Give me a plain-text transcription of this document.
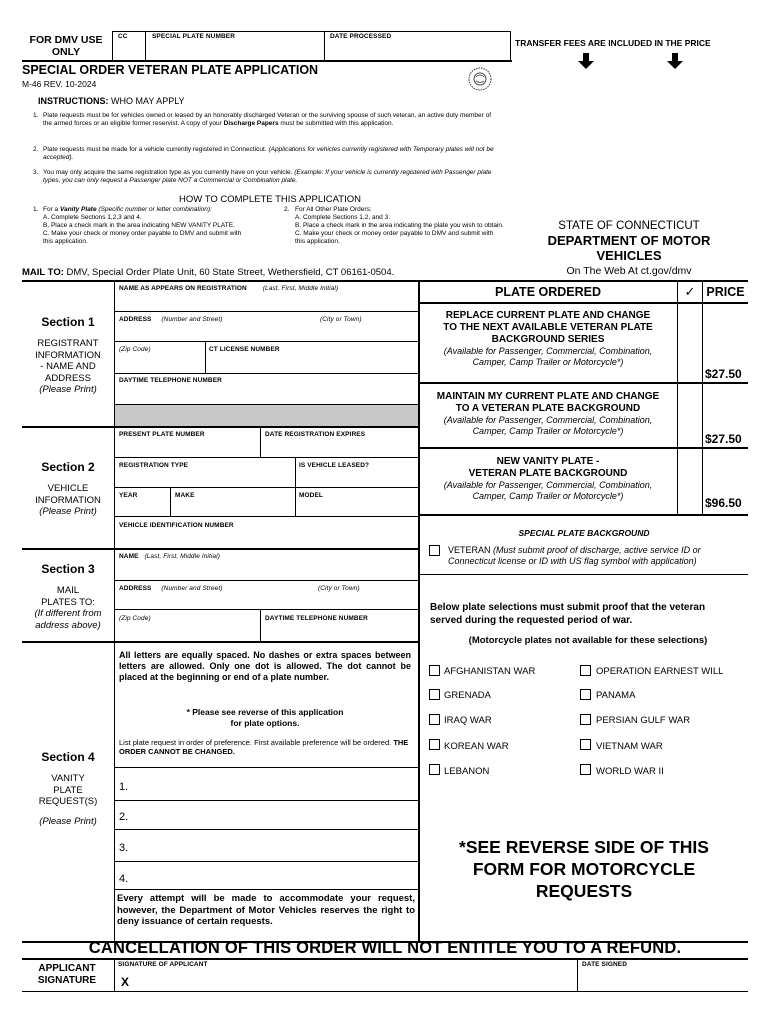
FOR DMV USE ONLY
CC	SPECIAL PLATE NUMBER	DATE PROCESSED
TRANSFER FEES ARE INCLUDED IN THE PRICE
SPECIAL ORDER VETERAN PLATE APPLICATION
M-46 REV. 10-2024
INSTRUCTIONS: WHO MAY APPLY
1. Plate requests must be for vehicles owned or leased by an honorably discharged Veteran or the surviving spouse of such veteran, an active duty member of the armed forces or an eligible former reservist. A copy of your Discharge Papers must be submitted with this application.
2. Plate requests must be made for a vehicle currently registered in Connecticut. (Applications for vehicles currently registered with Temporary plates will not be accepted).
3. You may only acquire the same registration type as you currently have on your vehicle. (Example: If your vehicle is currently registered with Passenger plate types, you can only request a Passenger plate NOT a Commercial or Combination plate.
HOW TO COMPLETE THIS APPLICATION
1. For a Vanity Plate (Specific number or letter combination):
A. Complete Sections 1,2,3 and 4.
B. Place a check mark in the area indicating NEW VANITY PLATE.
C. Make your check or money order payable to DMV and submit with this application.
2. For All Other Plate Orders:
A. Complete Sections 1,2, and 3.
B. Place a check mark in the area indicating the plate you wish to obtain.
C. Make your check or money order payable to DMV and submit with this application.
STATE OF CONNECTICUT
DEPARTMENT OF MOTOR
VEHICLES
On The Web At ct.gov/dmv
MAIL TO: DMV, Special Order Plate Unit, 60 State Street, Wethersfield, CT 06161-0504.
Section 1
REGISTRANT
INFORMATION
- NAME AND
ADDRESS
(Please Print)
NAME AS APPEARS ON REGISTRATION (Last, First, Middle Initial)
ADDRESS (Number and Street)	(City or Town)
(Zip Code)	CT LICENSE NUMBER
DAYTIME TELEPHONE NUMBER
Section 2
VEHICLE
INFORMATION
(Please Print)
PRESENT PLATE NUMBER	DATE REGISTRATION EXPIRES
REGISTRATION TYPE	IS VEHICLE LEASED?
YEAR	MAKE	MODEL
VEHICLE IDENTIFICATION NUMBER
Section 3
MAIL
PLATES TO:
(If different from
address above)
NAME (Last, First, Middle Initial)
ADDRESS (Number and Street)	(City or Town)
(Zip Code)	DAYTIME TELEPHONE NUMBER
Section 4
VANITY
PLATE
REQUEST(S)
(Please Print)
All letters are equally spaced. No dashes or extra spaces between letters are allowed. Only one dot is allowed. The dot cannot be placed at the beginning or end of a plate number.
* Please see reverse of this application
for plate options.
List plate request in order of preference. First available preference will be ordered. THE ORDER CANNOT BE CHANGED.
1.
2.
3.
4.
Every attempt will be made to accommodate your request, however, the Department of Motor Vehicles reserves the right to deny issuance of certain requests.
PLATE ORDERED	✓ PRICE
REPLACE CURRENT PLATE AND CHANGE
TO THE NEXT AVAILABLE VETERAN PLATE
BACKGROUND SERIES
(Available for Passenger, Commercial, Combination,
Camper, Camp Trailer or Motorcycle*)
$27.50
MAINTAIN MY CURRENT PLATE AND CHANGE
TO A VETERAN PLATE BACKGROUND
(Available for Passenger, Commercial, Combination,
Camper, Camp Trailer or Motorcycle*)
$27.50
NEW VANITY PLATE -
VETERAN PLATE BACKGROUND
(Available for Passenger, Commercial, Combination,
Camper, Camp Trailer or Motorcycle*)	$96.50
SPECIAL PLATE BACKGROUND
VETERAN (Must submit proof of discharge, active service ID or
Connecticut license or ID with US flag symbol with application)
Below plate selections must submit proof that the veteran
served during the requested period of war.
(Motorcycle plates not available for these selections)
AFGHANISTAN WAR
GRENADA
IRAQ WAR
KOREAN WAR
LEBANON
OPERATION EARNEST WILL
PANAMA
PERSIAN GULF WAR
VIETNAM WAR
WORLD WAR II
*SEE REVERSE SIDE OF THIS
FORM FOR MOTORCYCLE
REQUESTS
CANCELLATION OF THIS ORDER WILL NOT ENTITLE YOU TO A REFUND.
APPLICANT
SIGNATURE
SIGNATURE OF APPLICANT
X
DATE SIGNED
